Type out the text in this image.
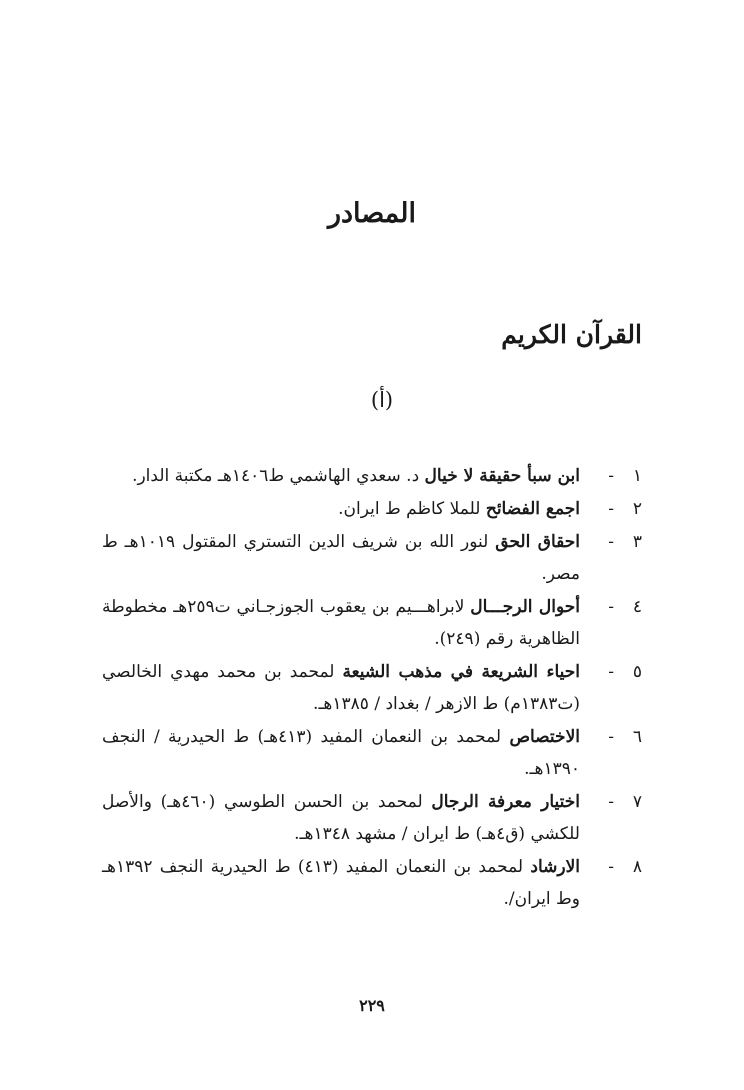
المصادر
القرآن الكريم
(أ)
١
-
ابن سبأ حقيقة لا خيال د. سعدي الهاشمي ط١٤٠٦هـ مكتبة الدار.
٢
-
اجمع الفضائح للملا كاظم ط ايران.
٣
-
احقاق الحق لنور الله بن شريف الدين التستري المقتول ١٠١٩هـ ط مصر.
٤
-
أحوال الرجـــال لابراهـــيم بن يعقوب الجوزجـاني ت٢٥٩هـ مخطوطة الظاهرية رقم (٢٤٩).
٥
-
احياء الشريعة في مذهب الشيعة لمحمد بن محمد مهدي الخالصي (ت١٣٨٣م) ط الازهر / بغداد / ١٣٨٥هـ.
٦
-
الاختصاص لمحمد بن النعمان المفيد (٤١٣هـ) ط الحيدرية / النجف ١٣٩٠هـ.
٧
-
اختيار معرفة الرجال لمحمد بن الحسن الطوسي (٤٦٠هـ) والأصل للكشي (ق٤هـ) ط ايران / مشهد ١٣٤٨هـ.
٨
-
الارشاد لمحمد بن النعمان المفيد (٤١٣) ط الحيدرية النجف ١٣٩٢هـ وط ايران/.
٢٢٩
